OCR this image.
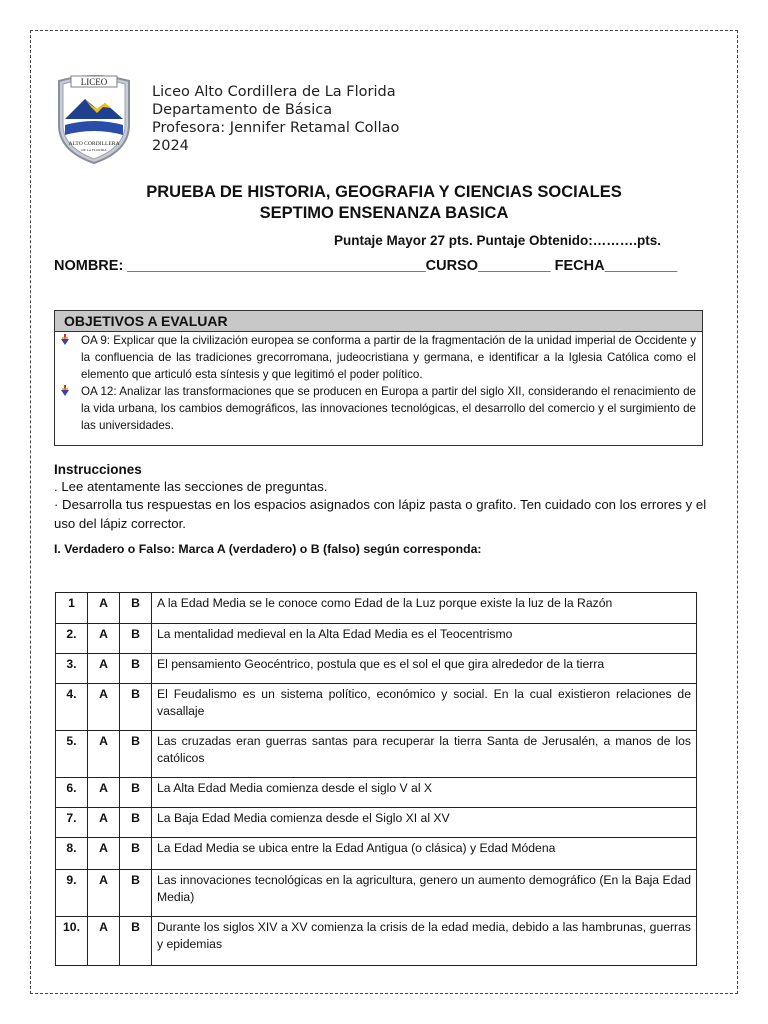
LICEO
ALTO CORDILLERA
DE LA FLORIDA
Liceo Alto Cordillera de La Florida
Departamento de Básica
Profesora: Jennifer Retamal Collao
2024
PRUEBA DE HISTORIA, GEOGRAFIA Y CIENCIAS SOCIALES
SEPTIMO ENSENANZA BASICA
Puntaje Mayor 27 pts. Puntaje Obtenido:……….pts.
NOMBRE: _____________________________________CURSO_________ FECHA_________
OBJETIVOS A EVALUAR
OA 9: Explicar que la civilización europea se conforma a partir de la fragmentación de la unidad imperial de Occidente y la confluencia de las tradiciones grecorromana, judeocristiana y germana, e identificar a la Iglesia Católica como el elemento que articuló esta síntesis y que legitimó el poder político.
OA 12: Analizar las transformaciones que se producen en Europa a partir del siglo XII, considerando el renacimiento de la vida urbana, los cambios demográficos, las innovaciones tecnológicas, el desarrollo del comercio y el surgimiento de las universidades.
Instrucciones
. Lee atentamente las secciones de preguntas.
· Desarrolla tus respuestas en los espacios asignados con lápiz pasta o grafito. Ten cuidado con los errores y el uso del lápiz corrector.
I. Verdadero o Falso: Marca A (verdadero) o B (falso) según corresponda:
1	A	B	A la Edad Media se le conoce como Edad de la Luz porque existe la luz de la Razón
2.	A	B	La mentalidad medieval en la Alta Edad Media es el Teocentrismo
3.	A	B	El pensamiento Geocéntrico, postula que es el sol el que gira alrededor de la tierra
4.	A	B	El Feudalismo es un sistema político, económico y social. En la cual existieron relaciones de vasallaje
5.	A	B	Las cruzadas eran guerras santas para recuperar la tierra Santa de Jerusalén, a manos de los católicos
6.	A	B	La Alta Edad Media comienza desde el siglo V al X
7.	A	B	La Baja Edad Media comienza desde el Siglo XI al XV
8.	A	B	La Edad Media se ubica entre la Edad Antigua (o clásica) y Edad Módena
9.	A	B	Las innovaciones tecnológicas en la agricultura, genero un aumento demográfico (En la Baja Edad Media)
10.	A	B	Durante los siglos XIV a XV comienza la crisis de la edad media, debido a las hambrunas, guerras y epidemias
